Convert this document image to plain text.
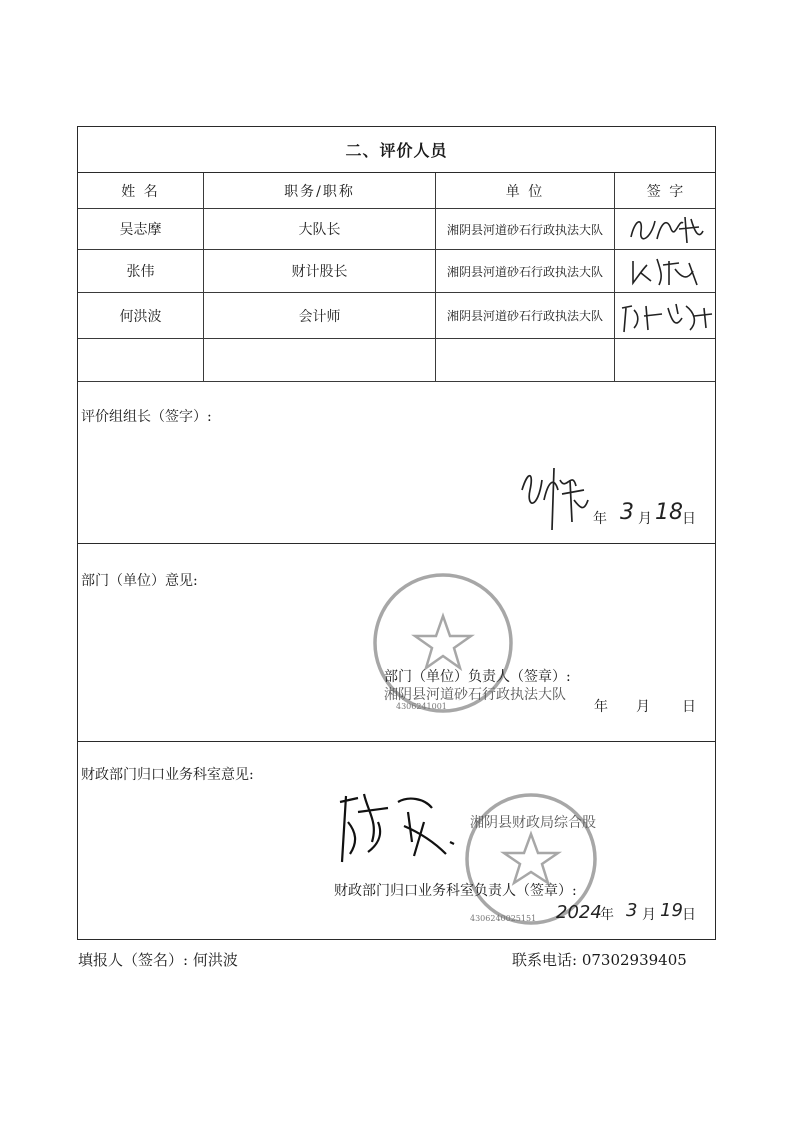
二、评价人员
姓 名	职务/职称	单 位	签 字
吴志摩	大队长	湘阴县河道砂石行政执法大队
张伟	财计股长	湘阴县河道砂石行政执法大队
何洪波	会计师	湘阴县河道砂石行政执法大队
评价组组长（签字）:
年 3 月 18 日
部门（单位）意见:
湘阴县河道砂石行政执法大队
4306241001
部门（单位）负责人（签章）:
年 月 日
财政部门归口业务科室意见:
湘阴县财政局综合股
4306240025151
财政部门归口业务科室负责人（签章）:
2024
年 3 月 19 日
填报人（签名）: 何洪波	联系电话: 07302939405
